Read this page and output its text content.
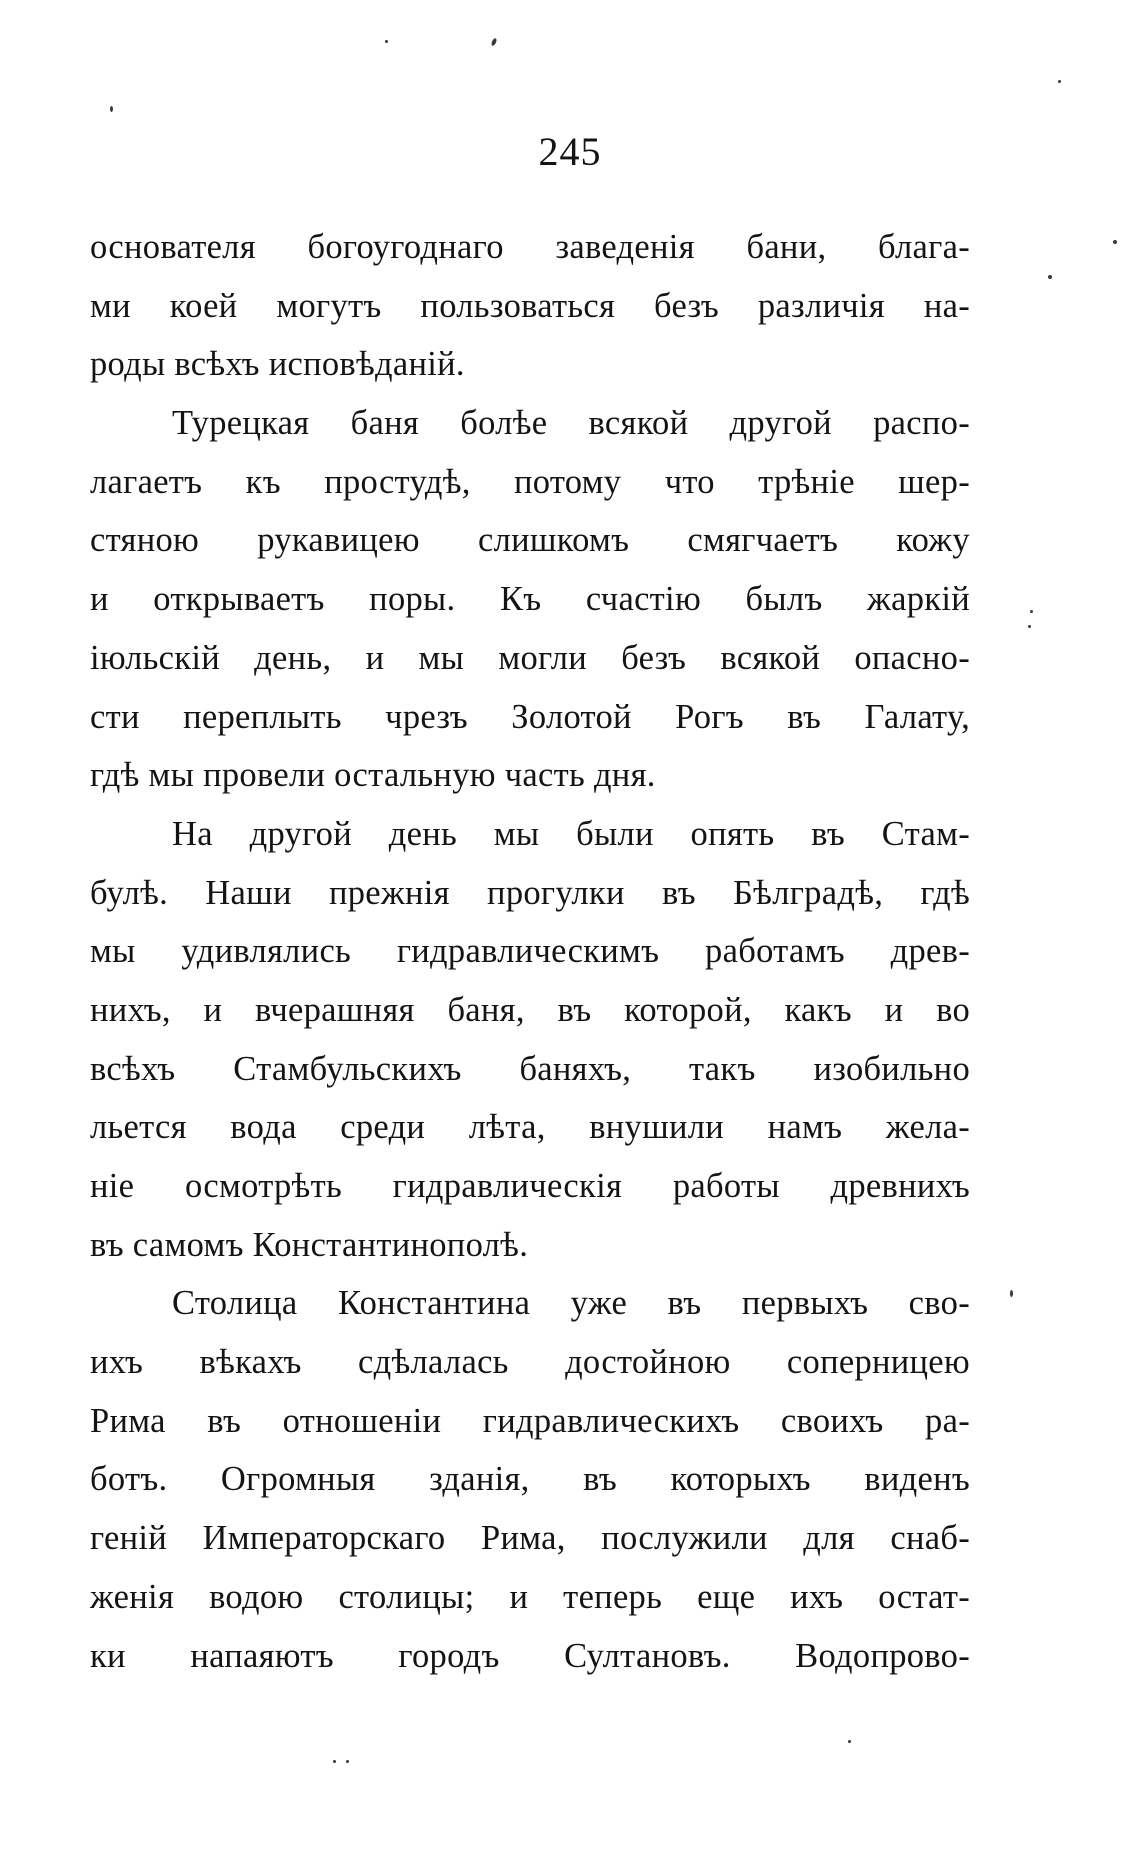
245
основателя богоугоднаго заведенія бани, блага-
ми коей могутъ пользоваться безъ различія на-
роды всѣхъ исповѣданій.
Турецкая баня болѣе всякой другой распо-
лагаетъ къ простудѣ, потому что трѣніе шер-
стяною рукавицею слишкомъ смягчаетъ кожу
и открываетъ поры. Къ счастію былъ жаркій
іюльскій день, и мы могли безъ всякой опасно-
сти переплыть чрезъ Золотой Рогъ въ Галату,
гдѣ мы провели остальную часть дня.
На другой день мы были опять въ Стам-
булѣ. Наши прежнія прогулки въ Бѣлградѣ, гдѣ
мы удивлялись гидравлическимъ работамъ древ-
нихъ, и вчерашняя баня, въ которой, какъ и во
всѣхъ Стамбульскихъ баняхъ, такъ изобильно
льется вода среди лѣта, внушили намъ жела-
ніе осмотрѣть гидравлическія работы древнихъ
въ самомъ Константинополѣ.
Столица Константина уже въ первыхъ сво-
ихъ вѣкахъ сдѣлалась достойною соперницею
Рима въ отношеніи гидравлическихъ своихъ ра-
ботъ. Огромныя зданія, въ которыхъ виденъ
геній Императорскаго Рима, послужили для снаб-
женія водою столицы; и теперь еще ихъ остат-
ки напаяютъ городъ Султановъ. Водопрово-
